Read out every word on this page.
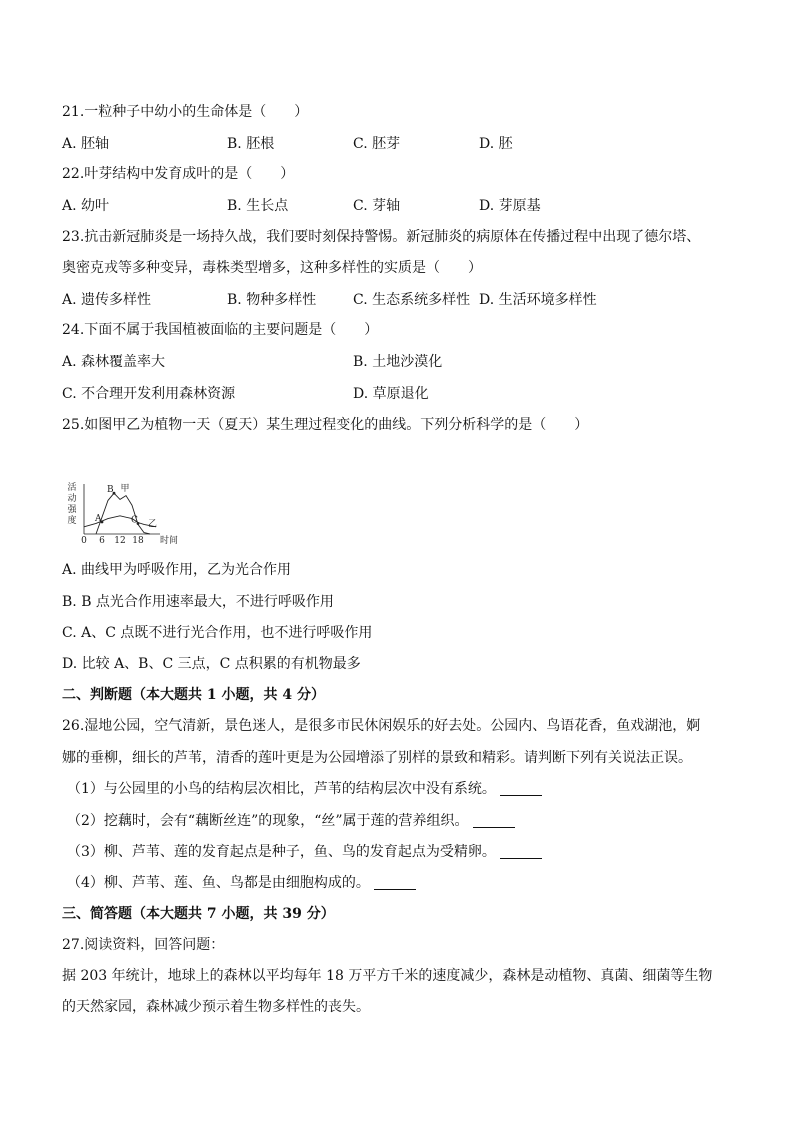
21.一粒种子中幼小的生命体是（　　）
A. 胚轴	B. 胚根	C. 胚芽	D. 胚
22.叶芽结构中发育成叶的是（　　）
A. 幼叶	B. 生长点	C. 芽轴	D. 芽原基
23.抗击新冠肺炎是一场持久战，我们要时刻保持警惕。新冠肺炎的病原体在传播过程中出现了德尔塔、
奥密克戎等多种变异，毒株类型增多，这种多样性的实质是（　　）
A. 遗传多样性	B. 物种多样性	C. 生态系统多样性 D. 生活环境多样性
24.下面不属于我国植被面临的主要问题是（　　）
A. 森林覆盖率大	B. 土地沙漠化
C. 不合理开发利用森林资源	D. 草原退化
25.如图甲乙为植物一天（夏天）某生理过程变化的曲线。下列分析科学的是（　　）
活
动
强
度
时间
0 6 12 18
甲
乙
A
B
C
A. 曲线甲为呼吸作用，乙为光合作用
B. B 点光合作用速率最大，不进行呼吸作用
C. A、C 点既不进行光合作用，也不进行呼吸作用
D. 比较 A、B、C 三点，C 点积累的有机物最多
二、判断题（本大题共 1 小题，共 4 分）
26.湿地公园，空气清新，景色迷人，是很多市民休闲娱乐的好去处。公园内、鸟语花香，鱼戏湖池，婀
娜的垂柳，细长的芦苇，清香的莲叶更是为公园增添了别样的景致和精彩。请判断下列有关说法正误。
（1）与公园里的小鸟的结构层次相比，芦苇的结构层次中没有系统。
（2）挖藕时，会有“藕断丝连”的现象，“丝”属于莲的营养组织。
（3）柳、芦苇、莲的发育起点是种子，鱼、鸟的发育起点为受精卵。
（4）柳、芦苇、莲、鱼、鸟都是由细胞构成的。
三、简答题（本大题共 7 小题，共 39 分）
27.阅读资料，回答问题：
据 203 年统计，地球上的森林以平均每年 18 万平方千米的速度减少，森林是动植物、真菌、细菌等生物
的天然家园，森林减少预示着生物多样性的丧失。
